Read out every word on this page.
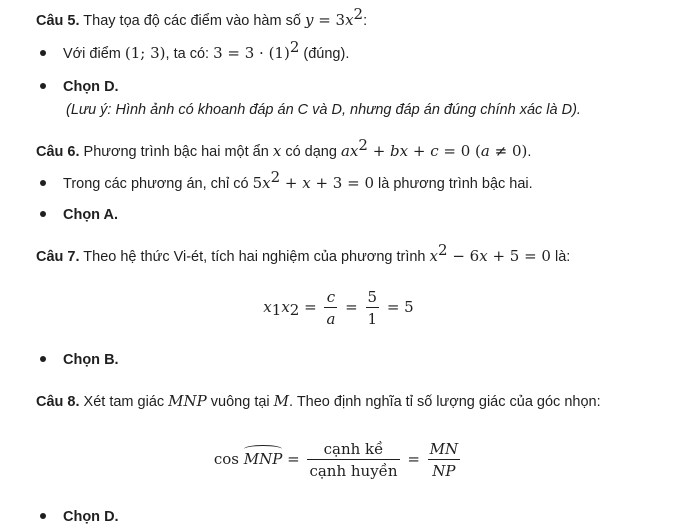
Câu 5. Thay tọa độ các điểm vào hàm số $y = 3x^2$:
Với điểm (1; 3), ta có: $3 = 3 \cdot (1)^2$ (đúng).
Chọn D.
(Lưu ý: Hình ảnh có khoanh đáp án C và D, nhưng đáp án đúng chính xác là D).
Câu 6. Phương trình bậc hai một ẩn x có dạng $ax^2$ + bx + c = 0 (a ≠ 0).
Trong các phương án, chỉ có $5x^2 + x + 3 = 0$ là phương trình bậc hai.
Chọn A.
Câu 7. Theo hệ thức Vi-ét, tích hai nghiệm của phương trình $x^2 - 6x + 5 = 0$ là:
$x_1x_2 = \frac{c}{a} = \frac{5}{1} = 5$
Chọn B.
Câu 8. Xét tam giác MNP vuông tại M. Theo định nghĩa tỉ số lượng giác của góc nhọn:
cos MNP = $\frac{\text{cạnh kề}}{\text{cạnh huyền}} = \frac{MN}{NP}$
Chọn D.
